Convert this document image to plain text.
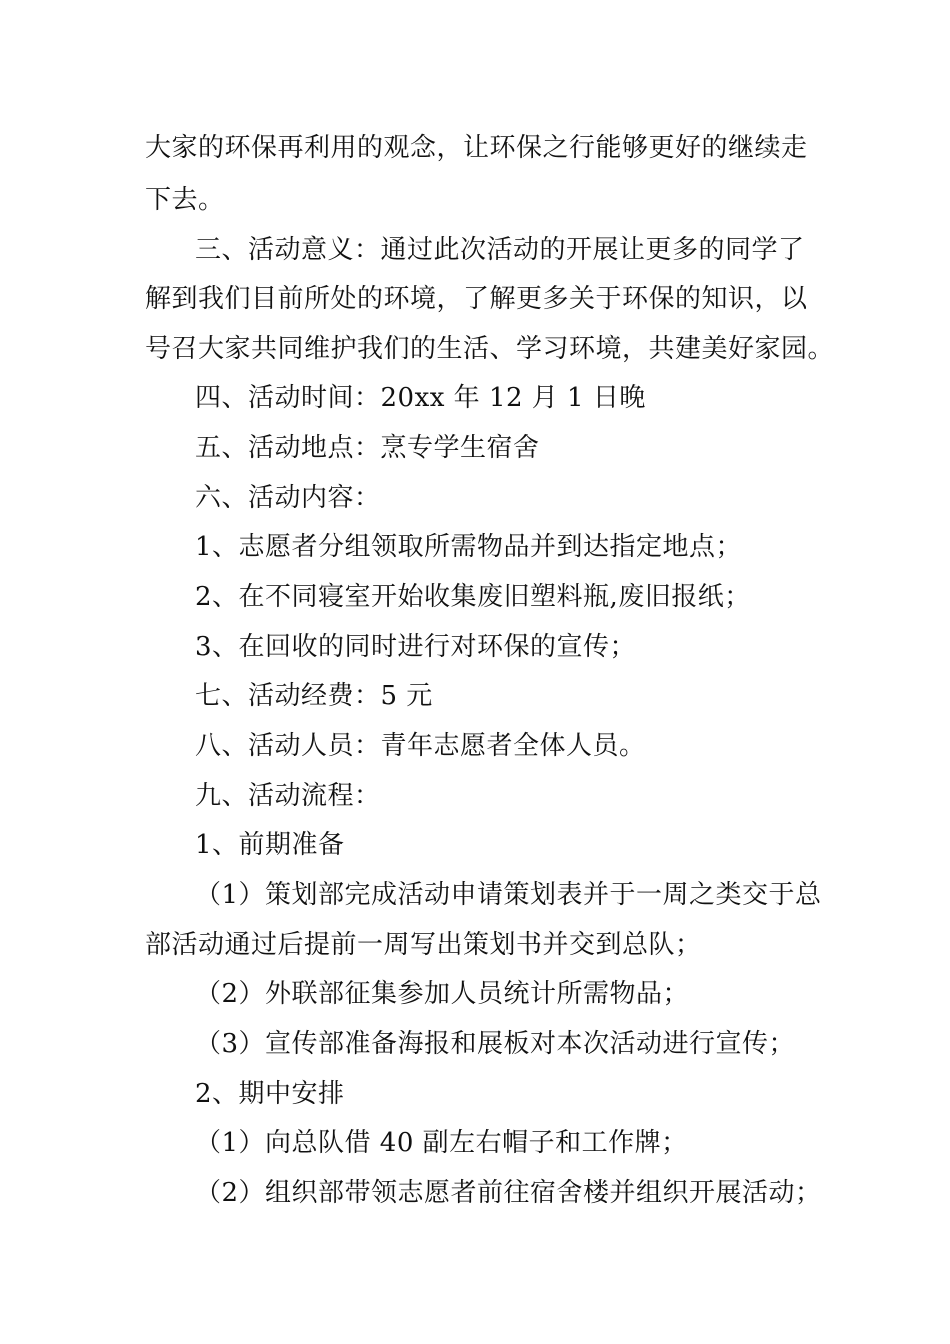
大家的环保再利用的观念，让环保之行能够更好的继续走
下去。
三、活动意义：通过此次活动的开展让更多的同学了
解到我们目前所处的环境，了解更多关于环保的知识，以
号召大家共同维护我们的生活、学习环境，共建美好家园。
四、活动时间：20xx 年 12 月 1 日晚
五、活动地点：烹专学生宿舍
六、活动内容：
1、志愿者分组领取所需物品并到达指定地点；
2、在不同寝室开始收集废旧塑料瓶,废旧报纸；
3、在回收的同时进行对环保的宣传；
七、活动经费：5 元
八、活动人员：青年志愿者全体人员。
九、活动流程：
1、前期准备
（1）策划部完成活动申请策划表并于一周之类交于总
部活动通过后提前一周写出策划书并交到总队；
（2）外联部征集参加人员统计所需物品；
（3）宣传部准备海报和展板对本次活动进行宣传；
2、期中安排
（1）向总队借 40 副左右帽子和工作牌；
（2）组织部带领志愿者前往宿舍楼并组织开展活动；
